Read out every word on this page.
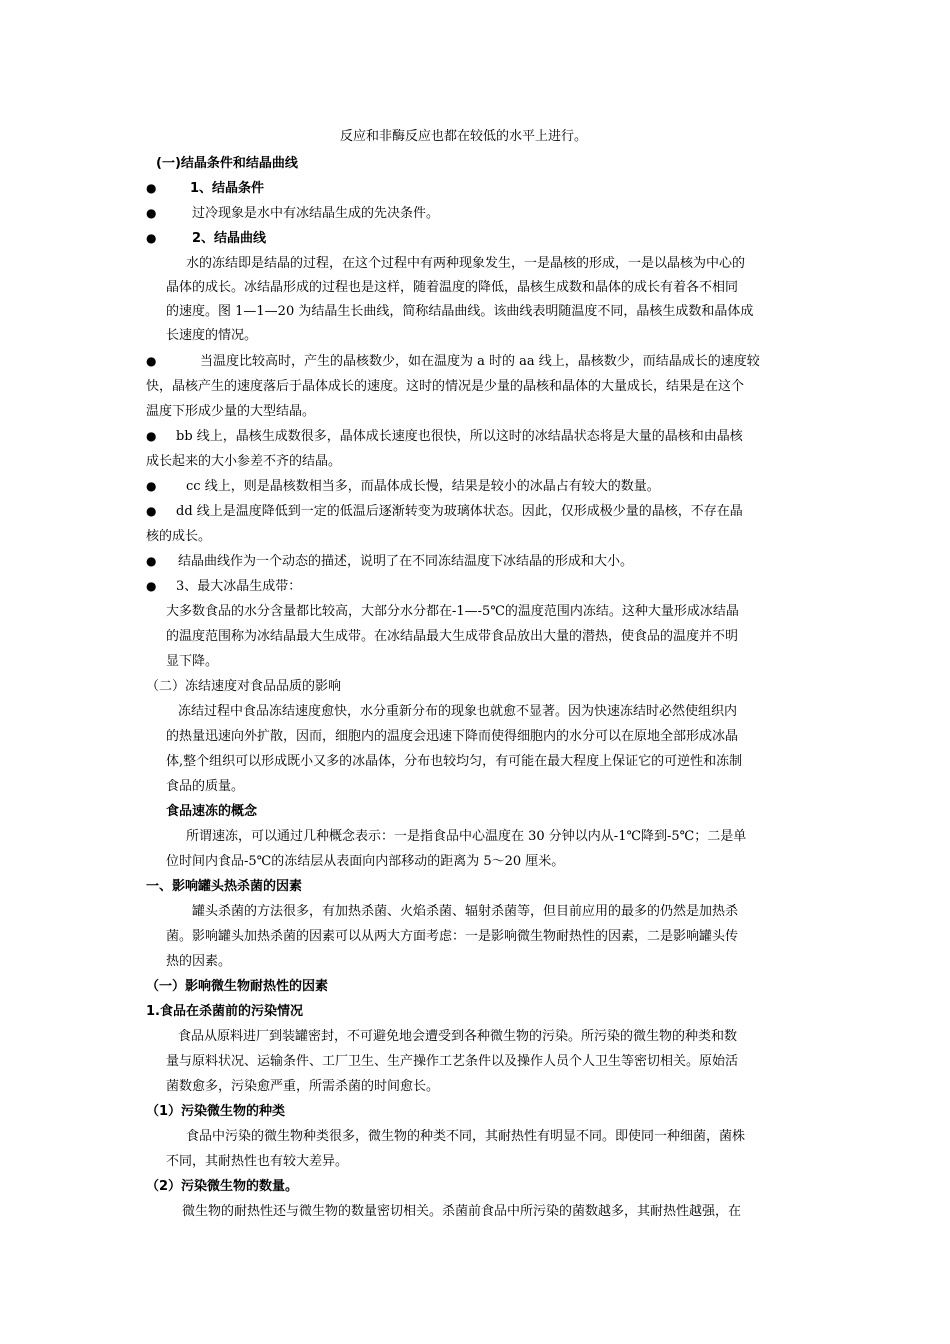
反应和非酶反应也都在较低的水平上进行。
(一)结晶条件和结晶曲线
●	1、结晶条件
●	过冷现象是水中有冰结晶生成的先决条件。
●	2、结晶曲线
水的冻结即是结晶的过程，在这个过程中有两种现象发生，一是晶核的形成，一是以晶核为中心的
晶体的成长。冰结晶形成的过程也是这样，随着温度的降低，晶核生成数和晶体的成长有着各不相同
的速度。图 1—1—20 为结晶生长曲线，简称结晶曲线。该曲线表明随温度不同，晶核生成数和晶体成
长速度的情况。
●	当温度比较高时，产生的晶核数少，如在温度为 a 时的 aa 线上，晶核数少，而结晶成长的速度较
快，晶核产生的速度落后于晶体成长的速度。这时的情况是少量的晶核和晶体的大量成长，结果是在这个
温度下形成少量的大型结晶。
● bb 线上，晶核生成数很多，晶体成长速度也很快，所以这时的冰结晶状态将是大量的晶核和由晶核
成长起来的大小参差不齐的结晶。
● cc 线上，则是晶核数相当多，而晶体成长慢，结果是较小的冰晶占有较大的数量。
● dd 线上是温度降低到一定的低温后逐渐转变为玻璃体状态。因此，仅形成极少量的晶核，不存在晶
核的成长。
● 结晶曲线作为一个动态的描述，说明了在不同冻结温度下冰结晶的形成和大小。
● 3、最大冰晶生成带：
大多数食品的水分含量都比较高，大部分水分都在-1—-5℃的温度范围内冻结。这种大量形成冰结晶
的温度范围称为冰结晶最大生成带。在冰结晶最大生成带食品放出大量的潜热，使食品的温度并不明
显下降。
（二）冻结速度对食品品质的影响
冻结过程中食品冻结速度愈快，水分重新分布的现象也就愈不显著。因为快速冻结时必然使组织内
的热量迅速向外扩散，因而，细胞内的温度会迅速下降而使得细胞内的水分可以在原地全部形成冰晶
体,整个组织可以形成既小又多的冰晶体，分布也较均匀，有可能在最大程度上保证它的可逆性和冻制
食品的质量。
食品速冻的概念
所谓速冻，可以通过几种概念表示：一是指食品中心温度在 30 分钟以内从-1℃降到-5℃；二是单
位时间内食品-5℃的冻结层从表面向内部移动的距离为 5～20 厘米。
一、影响罐头热杀菌的因素
罐头杀菌的方法很多，有加热杀菌、火焰杀菌、辐射杀菌等，但目前应用的最多的仍然是加热杀
菌。影响罐头加热杀菌的因素可以从两大方面考虑：一是影响微生物耐热性的因素，二是影响罐头传
热的因素。
（一）影响微生物耐热性的因素
1.食品在杀菌前的污染情况
食品从原料进厂到装罐密封，不可避免地会遭受到各种微生物的污染。所污染的微生物的种类和数
量与原料状况、运输条件、工厂卫生、生产操作工艺条件以及操作人员个人卫生等密切相关。原始活
菌数愈多，污染愈严重，所需杀菌的时间愈长。
（1）污染微生物的种类
食品中污染的微生物种类很多，微生物的种类不同，其耐热性有明显不同。即使同一种细菌，菌株
不同，其耐热性也有较大差异。
（2）污染微生物的数量。
微生物的耐热性还与微生物的数量密切相关。杀菌前食品中所污染的菌数越多，其耐热性越强，在
